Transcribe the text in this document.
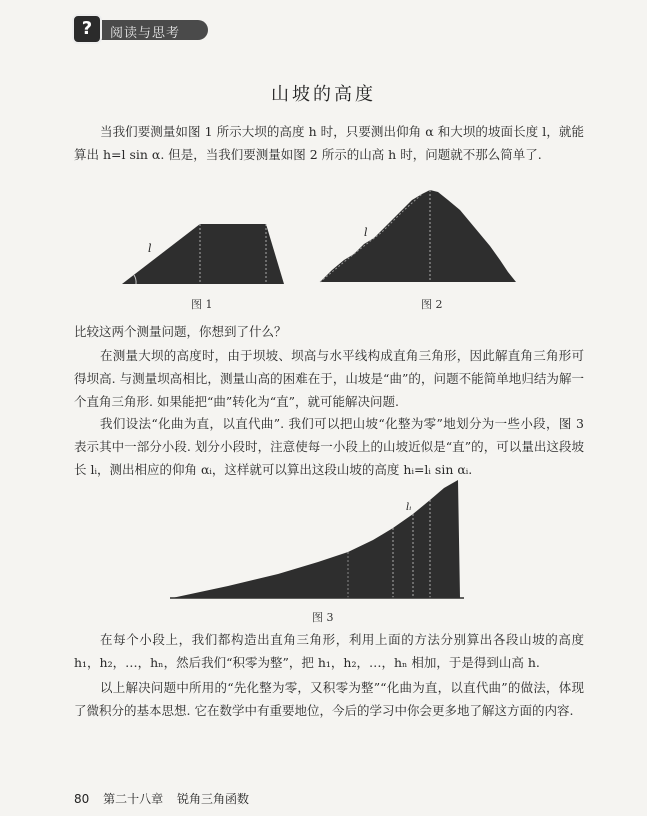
?	阅读与思考
山坡的高度

当我们要测量如图 1 所示大坝的高度 h 时，只要测出仰角 α 和大坝的坡面长度 l，就能算出 h=l sin α. 但是，当我们要测量如图 2 所示的山高 h 时，问题就不那么简单了.

l
图 1
l
图 2

比较这两个测量问题，你想到了什么？

在测量大坝的高度时，由于坝坡、坝高与水平线构成直角三角形，因此解直角三角形可得坝高. 与测量坝高相比，测量山高的困难在于，山坡是“曲”的，问题不能简单地归结为解一个直角三角形. 如果能把“曲”转化为“直”，就可能解决问题.

我们设法“化曲为直，以直代曲”. 我们可以把山坡“化整为零”地划分为一些小段，图 3 表示其中一部分小段. 划分小段时，注意使每一小段上的山坡近似是“直”的，可以量出这段坡长 lᵢ，测出相应的仰角 αᵢ，这样就可以算出这段山坡的高度 hᵢ=lᵢ sin αᵢ.

lᵢ
图 3

在每个小段上，我们都构造出直角三角形，利用上面的方法分别算出各段山坡的高度 h₁，h₂，…，hₙ，然后我们“积零为整”，把 h₁，h₂，…，hₙ 相加，于是得到山高 h.

以上解决问题中所用的“先化整为零，又积零为整”“化曲为直，以直代曲”的做法，体现了微积分的基本思想. 它在数学中有重要地位，今后的学习中你会更多地了解这方面的内容.

80 第二十八章 锐角三角函数
